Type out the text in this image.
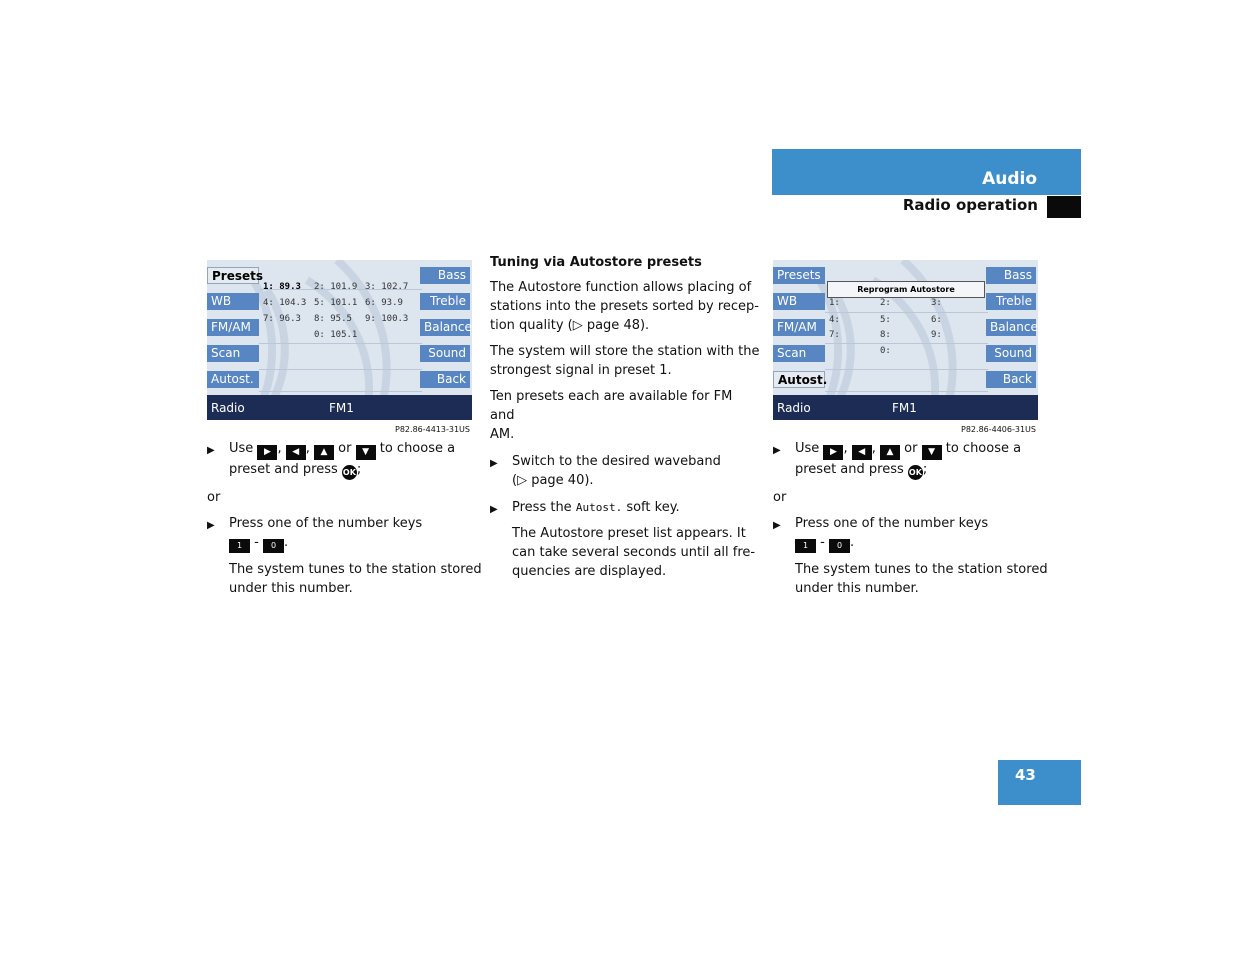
Audio
Radio operation
Presets
WB
FM/AM
Scan
Autost.
Bass
Treble
Balance
Sound
Back
1: 89.3 2: 101.9 3: 102.7
4: 104.3 5: 101.1 6: 93.9
7: 96.3 8: 95.5 9: 100.3
0: 105.1
Radio	FM1
P82.86-4413-31US
Presets
WB
FM/AM
Scan
Autost.
Bass
Treble
Balance
Sound
Back
Reprogram Autostore
1:	2:	3:
4:	5:	6:
7:	8:	9:
0:
Radio	FM1
P82.86-4406-31US
▶ Use ▶ , ◀ , ▲ or ▼ to choose a
preset and press OK;
or
▶ Press one of the number keys
1 - 0 .
The system tunes to the station stored
under this number.
Tuning via Autostore presets
The Autostore function allows placing of
stations into the presets sorted by recep-
tion quality (▷ page 48).
The system will store the station with the
strongest signal in preset 1.
Ten presets each are available for FM and
AM.
▶ Switch to the desired waveband
(▷ page 40).
▶ Press the Autost. soft key.
The Autostore preset list appears. It
can take several seconds until all fre-
quencies are displayed.
▶ Use ▶ , ◀ , ▲ or ▼ to choose a
preset and press OK;
or
▶ Press one of the number keys
1 - 0 .
The system tunes to the station stored
under this number.
43
